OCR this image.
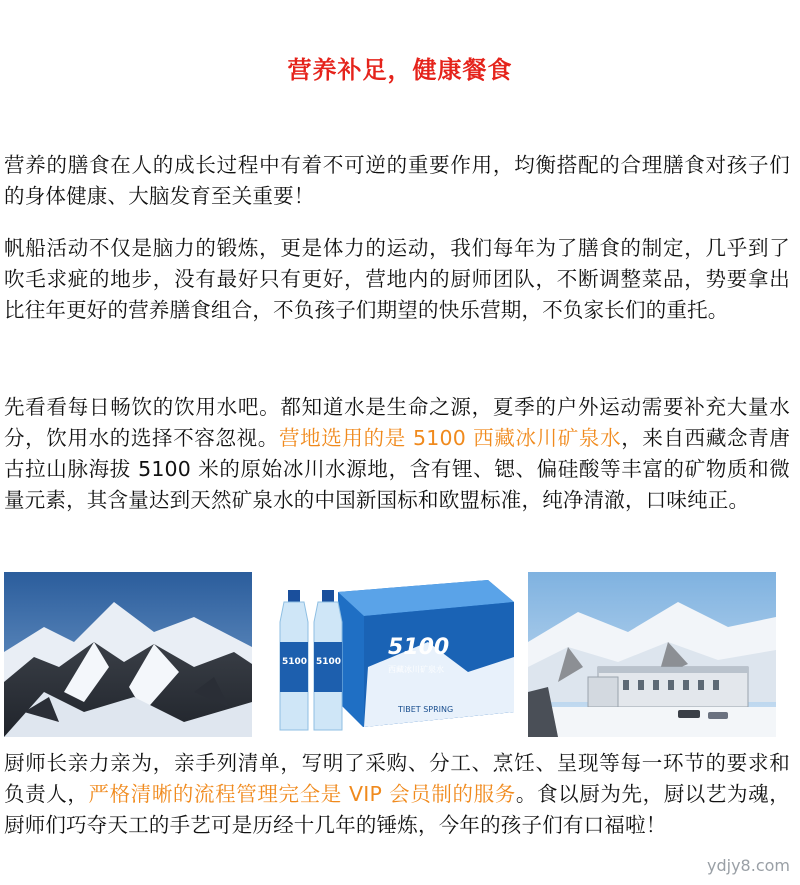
营养补足，健康餐食

营养的膳食在人的成长过程中有着不可逆的重要作用，均衡搭配的合理膳食对孩子们的身体健康、大脑发育至关重要！

帆船活动不仅是脑力的锻炼，更是体力的运动，我们每年为了膳食的制定，几乎到了吹毛求疵的地步，没有最好只有更好，营地内的厨师团队，不断调整菜品，势要拿出比往年更好的营养膳食组合，不负孩子们期望的快乐营期，不负家长们的重托。

先看看每日畅饮的饮用水吧。都知道水是生命之源，夏季的户外运动需要补充大量水分，饮用水的选择不容忽视。营地选用的是 5100 西藏冰川矿泉水，来自西藏念青唐古拉山脉海拔 5100 米的原始冰川水源地，含有锂、锶、偏硅酸等丰富的矿物质和微量元素，其含量达到天然矿泉水的中国新国标和欧盟标准，纯净清澈，口味纯正。

5100
西藏冰川矿泉水
TIBET SPRING
5100 5100

厨师长亲力亲为，亲手列清单，写明了采购、分工、烹饪、呈现等每一环节的要求和负责人，严格清晰的流程管理完全是 VIP 会员制的服务。食以厨为先，厨以艺为魂，厨师们巧夺天工的手艺可是历经十几年的锤炼，今年的孩子们有口福啦！

ydjy8.com
